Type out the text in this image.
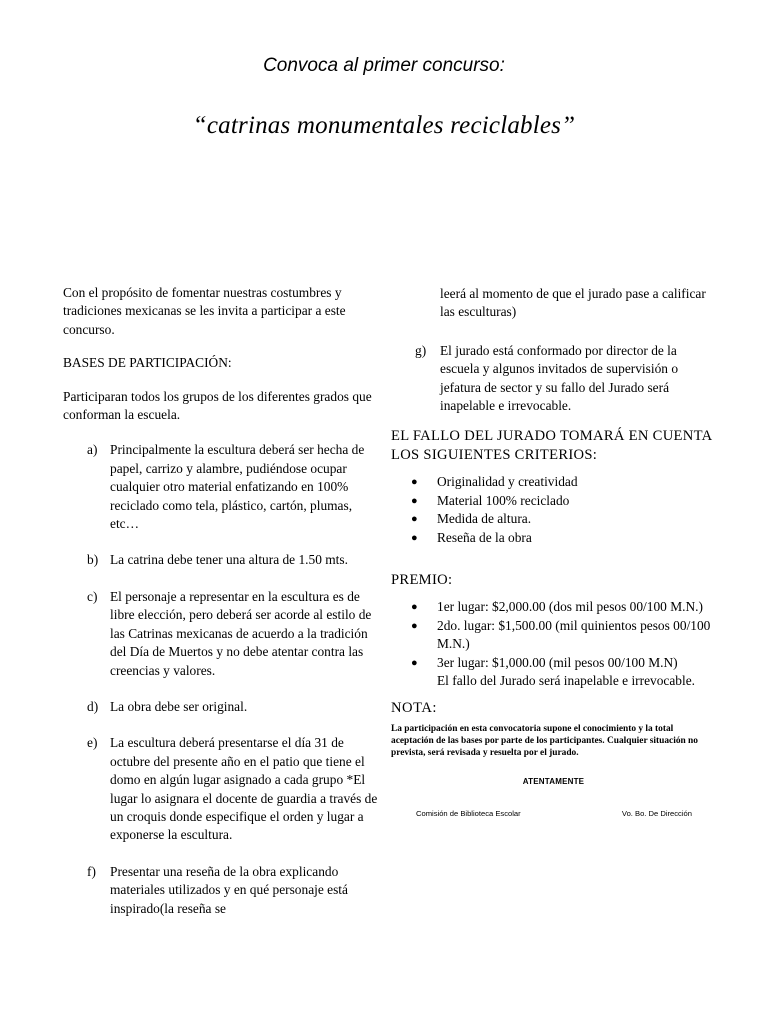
Convoca al primer concurso:
“catrinas monumentales reciclables”

Con el propósito de fomentar nuestras costumbres y tradiciones mexicanas se les invita a participar a este concurso.

BASES DE PARTICIPACIÓN:

Participaran todos los grupos de los diferentes grados que conforman la escuela.

a) Principalmente la escultura deberá ser hecha de papel, carrizo y alambre, pudiéndose ocupar cualquier otro material enfatizando en 100% reciclado como tela, plástico, cartón, plumas, etc…
b) La catrina debe tener una altura de 1.50 mts.
c) El personaje a representar en la escultura es de libre elección, pero deberá ser acorde al estilo de las Catrinas mexicanas de acuerdo a la tradición del Día de Muertos y no debe atentar contra las creencias y valores.
d) La obra debe ser original.
e) La escultura deberá presentarse el día 31 de octubre del presente año en el patio que tiene el domo en algún lugar asignado a cada grupo *El lugar lo asignara el docente de guardia a través de un croquis donde especifique el orden y lugar a exponerse la escultura.
f) Presentar una reseña de la obra explicando materiales utilizados y en qué personaje está inspirado(la reseña se

leerá al momento de que el jurado pase a calificar las esculturas)

g) El jurado está conformado por director de la escuela y algunos invitados de supervisión o jefatura de sector y su fallo del Jurado será inapelable e irrevocable.

EL FALLO DEL JURADO TOMARÁ EN CUENTA LOS SIGUIENTES CRITERIOS:

● Originalidad y creatividad
● Material 100% reciclado
● Medida de altura.
● Reseña de la obra

PREMIO:

● 1er lugar: $2,000.00 (dos mil pesos 00/100 M.N.)
● 2do. lugar: $1,500.00 (mil quinientos pesos 00/100 M.N.)
● 3er lugar: $1,000.00 (mil pesos 00/100 M.N)

El fallo del Jurado será inapelable e irrevocable.

NOTA:

La participación en esta convocatoria supone el conocimiento y la total aceptación de las bases por parte de los participantes. Cualquier situación no prevista, será revisada y resuelta por el jurado.

ATENTAMENTE

Comisión de Biblioteca Escolar	Vo. Bo. De Dirección
